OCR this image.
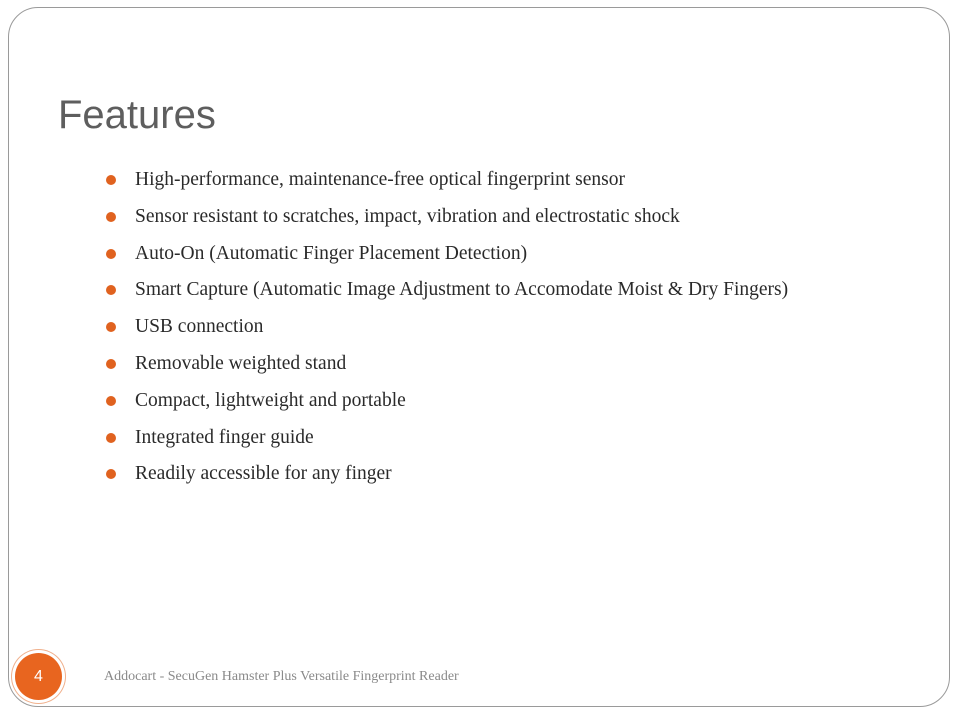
Features
High-performance, maintenance-free optical fingerprint sensor
Sensor resistant to scratches, impact, vibration and electrostatic shock
Auto-On (Automatic Finger Placement Detection)
Smart Capture (Automatic Image Adjustment to Accomodate Moist & Dry Fingers)
USB connection
Removable weighted stand
Compact, lightweight and portable
Integrated finger guide
Readily accessible for any finger
4	Addocart - SecuGen Hamster Plus Versatile Fingerprint Reader
